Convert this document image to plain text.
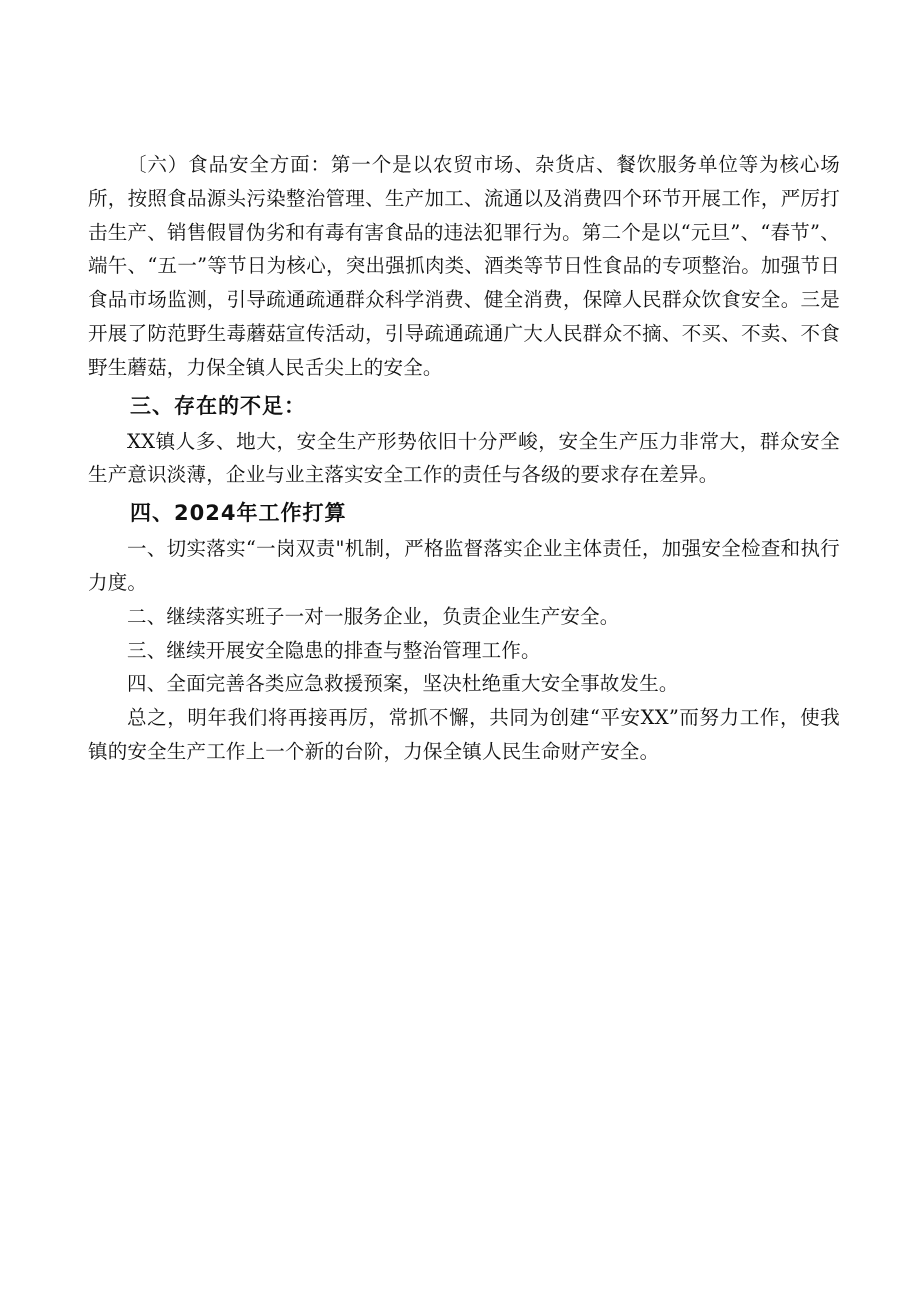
〔六）食品安全方面：第一个是以农贸市场、杂货店、餐饮服务单位等为核心场所，按照食品源头污染整治管理、生产加工、流通以及消费四个环节开展工作，严厉打击生产、销售假冒伪劣和有毒有害食品的违法犯罪行为。第二个是以“元旦”、“春节”、端午、“五一”等节日为核心，突出强抓肉类、酒类等节日性食品的专项整治。加强节日食品市场监测，引导疏通疏通群众科学消费、健全消费，保障人民群众饮食安全。三是开展了防范野生毒蘑菇宣传活动，引导疏通疏通广大人民群众不摘、不买、不卖、不食野生蘑菇，力保全镇人民舌尖上的安全。

三、存在的不足：

XX镇人多、地大，安全生产形势依旧十分严峻，安全生产压力非常大，群众安全生产意识淡薄，企业与业主落实安全工作的责任与各级的要求存在差异。

四、2024年工作打算

一、切实落实“一岗双责"机制，严格监督落实企业主体责任，加强安全检查和执行力度。

二、继续落实班子一对一服务企业，负责企业生产安全。

三、继续开展安全隐患的排查与整治管理工作。

四、全面完善各类应急救援预案，坚决杜绝重大安全事故发生。

总之，明年我们将再接再厉，常抓不懈，共同为创建“平安XX”而努力工作，使我镇的安全生产工作上一个新的台阶，力保全镇人民生命财产安全。
